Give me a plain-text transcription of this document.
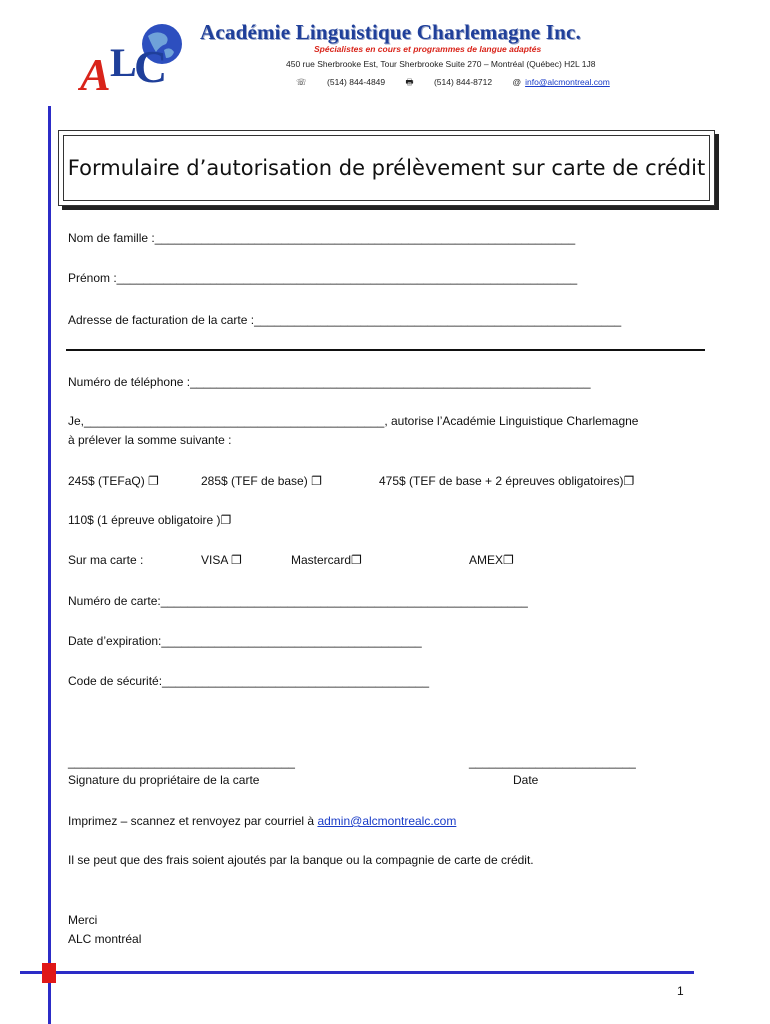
A L
C
Académie Linguistique Charlemagne Inc.
Spécialistes en cours et programmes de langue adaptés
450 rue Sherbrooke Est, Tour Sherbrooke Suite 270 – Montréal (Québec) H2L 1J8
☏ (514) 844-4849 🖶 (514) 844-8712 @ info@alcmontreal.com
Formulaire d’autorisation de prélèvement sur carte de crédit
Nom de famille :_______________________________________________________________
Prénom :_____________________________________________________________________
Adresse de facturation de la carte :_______________________________________________________
Numéro de téléphone :____________________________________________________________
Je,_____________________________________________, autorise l’Académie Linguistique Charlemagne
à prélever la somme suivante :
245$ (TEFaQ) ❐	285$ (TEF de base) ❐	475$ (TEF de base + 2 épreuves obligatoires)❐
110$ (1 épreuve obligatoire )❐
Sur ma carte :	VISA ❐	Mastercard❐	AMEX❐
Numéro de carte:_______________________________________________________
Date d’expiration:_______________________________________
Code de sécurité:________________________________________
__________________________________	_________________________
Signature du propriétaire de la carte	Date
Imprimez – scannez et renvoyez par courriel à admin@alcmontrealc.com
Il se peut que des frais soient ajoutés par la banque ou la compagnie de carte de crédit.
Merci
ALC montréal
1
